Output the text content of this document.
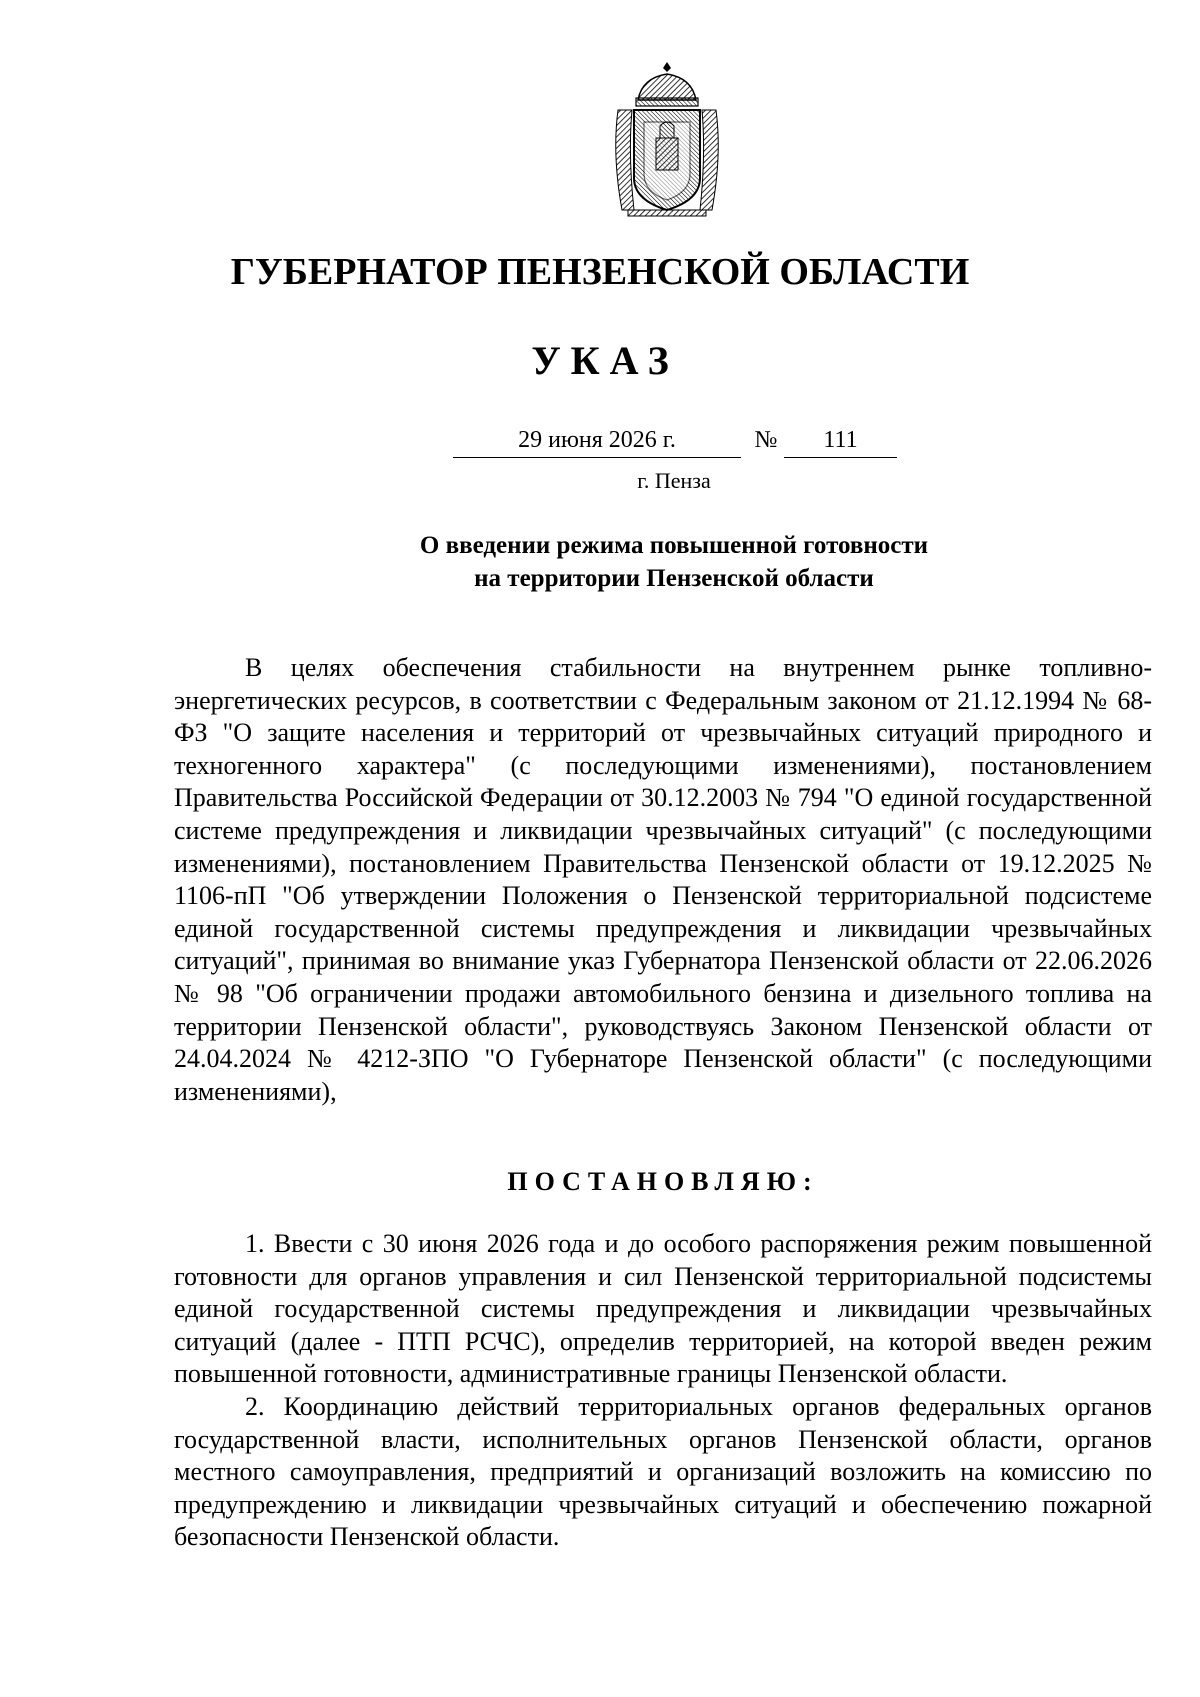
ГУБЕРНАТОР ПЕНЗЕНСКОЙ ОБЛАСТИ
УКАЗ
29 июня 2026 г.	№	111
г. Пенза
О введении режима повышенной готовности
на территории Пензенской области

В целях обеспечения стабильности на внутреннем рынке топливно-энергетических ресурсов, в соответствии с Федеральным законом от 21.12.1994 № 68-ФЗ "О защите населения и территорий от чрезвычайных ситуаций природного и техногенного характера" (с последующими изменениями), постановлением Правительства Российской Федерации от 30.12.2003 № 794 "О единой государственной системе предупреждения и ликвидации чрезвычайных ситуаций" (с последующими изменениями), постановлением Правительства Пензенской области от 19.12.2025 № 1106-пП "Об утверждении Положения о Пензенской территориальной подсистеме единой государственной системы предупреждения и ликвидации чрезвычайных ситуаций", принимая во внимание указ Губернатора Пензенской области от 22.06.2026 № 98 "Об ограничении продажи автомобильного бензина и дизельного топлива на территории Пензенской области", руководствуясь Законом Пензенской области от 24.04.2024 № 4212-ЗПО "О Губернаторе Пензенской области" (с последующими изменениями),

ПОСТАНОВЛЯЮ:
1. Ввести с 30 июня 2026 года и до особого распоряжения режим повышенной готовности для органов управления и сил Пензенской территориальной подсистемы единой государственной системы предупреждения и ликвидации чрезвычайных ситуаций (далее - ПТП РСЧС), определив территорией, на которой введен режим повышенной готовности, административные границы Пензенской области.
2. Координацию действий территориальных органов федеральных органов государственной власти, исполнительных органов Пензенской области, органов местного самоуправления, предприятий и организаций возложить на комиссию по предупреждению и ликвидации чрезвычайных ситуаций и обеспечению пожарной безопасности Пензенской области.
